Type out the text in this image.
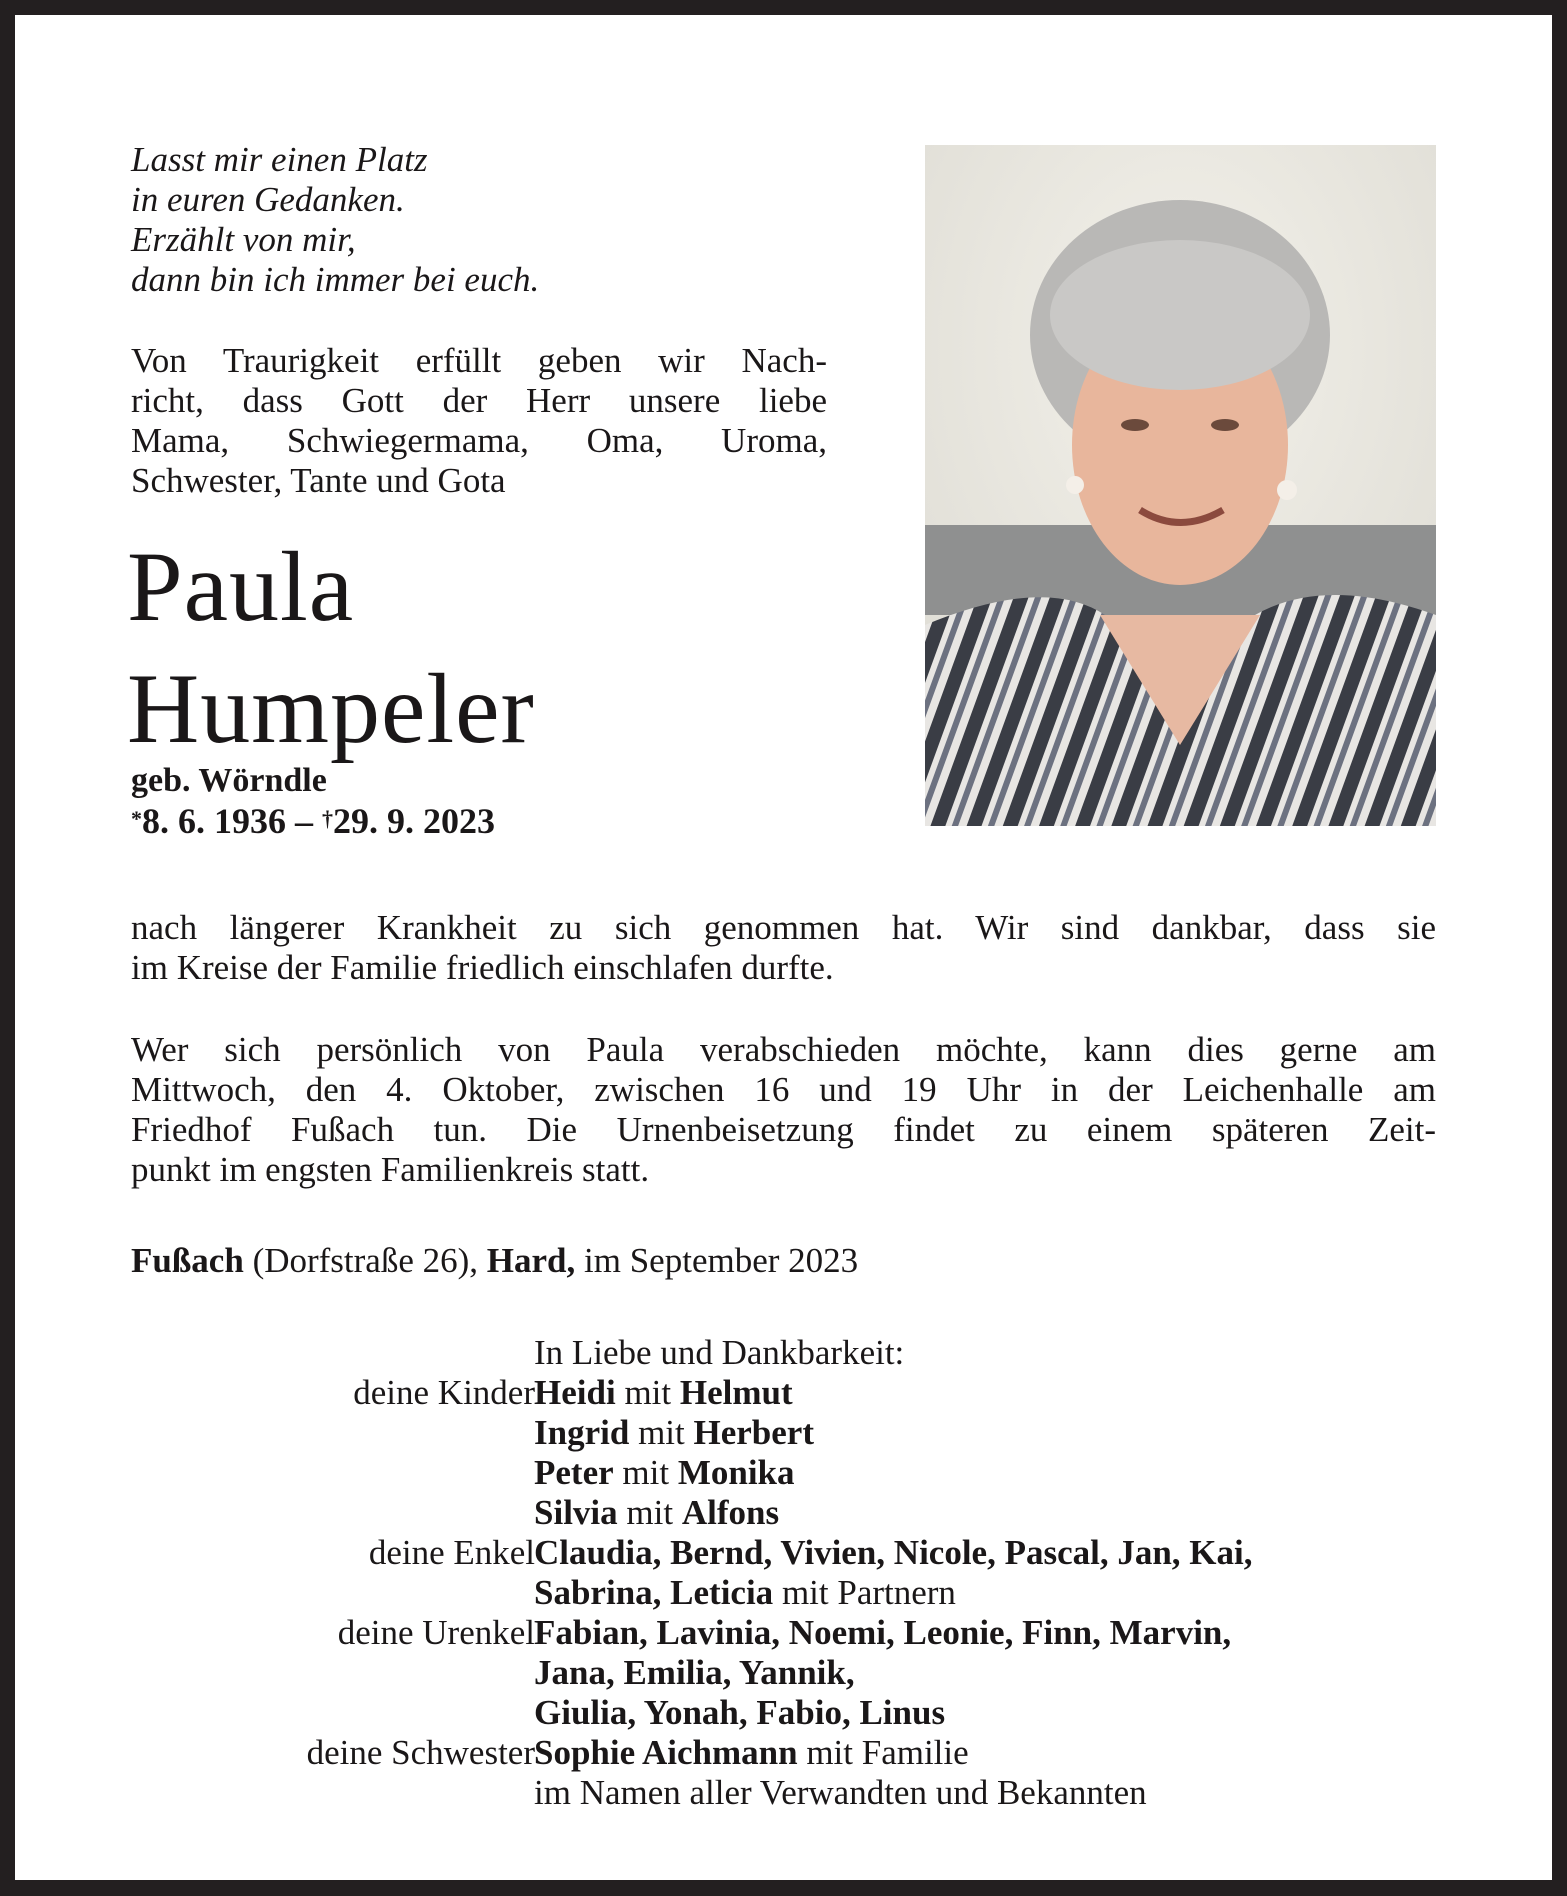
Lasst mir einen Platz
in euren Gedanken.
Erzählt von mir,
dann bin ich immer bei euch.
Von Traurigkeit erfüllt geben wir Nach-
richt, dass Gott der Herr unsere liebe
Mama, Schwiegermama, Oma, Uroma,
Schwester, Tante und Gota
Paula
Humpeler
geb. Wörndle
*8. 6. 1936 – †29. 9. 2023
nach längerer Krankheit zu sich genommen hat. Wir sind dankbar, dass sie
im Kreise der Familie friedlich einschlafen durfte.
Wer sich persönlich von Paula verabschieden möchte, kann dies gerne am
Mittwoch, den 4. Oktober, zwischen 16 und 19 Uhr in der Leichenhalle am
Friedhof Fußach tun. Die Urnenbeisetzung findet zu einem späteren Zeit-
punkt im engsten Familienkreis statt.
Fußach (Dorfstraße 26), Hard, im September 2023
In Liebe und Dankbarkeit:
deine Kinder Heidi mit Helmut
Ingrid mit Herbert
Peter mit Monika
Silvia mit Alfons
deine Enkel Claudia, Bernd, Vivien, Nicole, Pascal, Jan, Kai,
Sabrina, Leticia mit Partnern
deine Urenkel Fabian, Lavinia, Noemi, Leonie, Finn, Marvin,
Jana, Emilia, Yannik,
Giulia, Yonah, Fabio, Linus
deine Schwester Sophie Aichmann mit Familie
im Namen aller Verwandten und Bekannten
